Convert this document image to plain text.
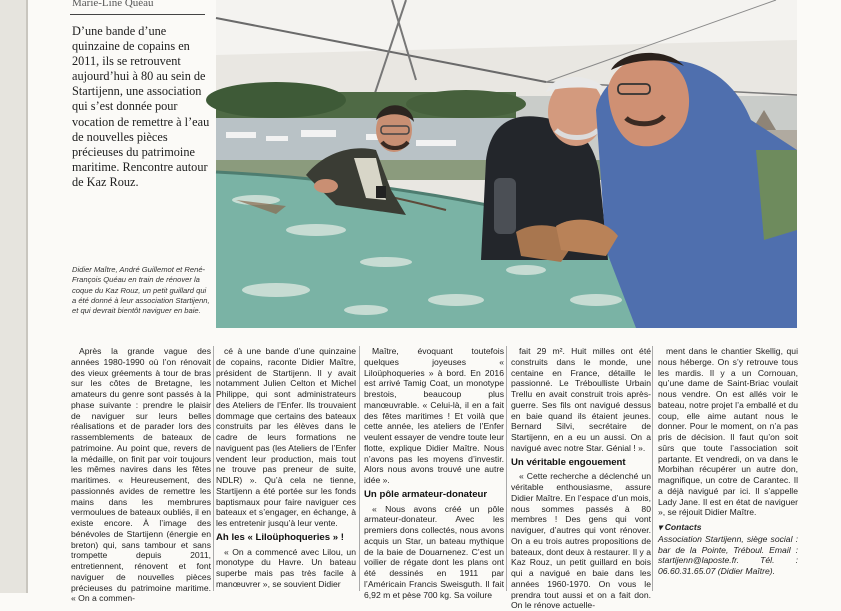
Marie-Line Quéau

D’une bande d’une quinzaine de copains en 2011, ils se retrouvent aujourd’hui à 80 au sein de Startijenn, une association qui s’est donnée pour vocation de remettre à l’eau de nouvelles pièces précieuses du patrimoine maritime. Rencontre autour de Kaz Rouz.

Didier Maître, André Guillemot et René-François Quéau en train de rénover la coque du Kaz Rouz, un petit guillard qui a été donné à leur association Startijenn, et qui devrait bientôt naviguer en baie.

Après la grande vague des années 1980-1990 où l’on rénovait des vieux gréements à tour de bras sur les côtes de Bretagne, les amateurs du genre sont passés à la phase suivante : prendre le plaisir de naviguer sur leurs belles réalisations et de parader lors des rassemblements de bateaux de patrimoine. Au point que, revers de la médaille, on finit par voir toujours les mêmes navires dans les fêtes maritimes. « Heureusement, des passionnés avides de remettre les mains dans les membrures vermoulues de bateaux oubliés, il en existe encore. À l’image des bénévoles de Startijenn (énergie en breton) qui, sans tambour et sans trompette depuis 2011, entretiennent, rénovent et font naviguer de nouvelles pièces précieuses du patrimoine maritime. « On a commen-

cé à une bande d’une quinzaine de copains, raconte Didier Maître, président de Startijenn. Il y avait notamment Julien Celton et Michel Philippe, qui sont administrateurs des Ateliers de l’Enfer. Ils trouvaient dommage que certains des bateaux construits par les élèves dans le cadre de leurs formations ne naviguent pas (les Ateliers de l’Enfer vendent leur production, mais tout ne trouve pas preneur de suite, NDLR) ». Qu’à cela ne tienne, Startijenn a été portée sur les fonds baptismaux pour faire naviguer ces bateaux et s’engager, en échange, à les entretenir jusqu’à leur vente.

Ah les « Liloüphoqueries » !

« On a commencé avec Lilou, un monotype du Havre. Un bateau superbe mais pas très facile à manœuvrer », se souvient Didier

Maître, évoquant toutefois quelques joyeuses « Liloüphoqueries » à bord. En 2016 est arrivé Tamig Coat, un monotype brestois, beaucoup plus manœuvrable. « Celui-là, il en a fait des fêtes maritimes ! Et voilà que cette année, les ateliers de l’Enfer veulent essayer de vendre toute leur flotte, explique Didier Maître. Nous n’avons pas les moyens d’investir. Alors nous avons trouvé une autre idée ».

Un pôle armateur-donateur

« Nous avons créé un pôle armateur-donateur. Avec les premiers dons collectés, nous avons acquis un Star, un bateau mythique de la baie de Douarnenez. C’est un voilier de régate dont les plans ont été dessinés en 1911 par l’Américain Francis Sweisguth. Il fait 6,92 m et pèse 700 kg. Sa voilure

fait 29 m². Huit milles ont été construits dans le monde, une centaine en France, détaille le passionné. Le Tréboulliste Urbain Trellu en avait construit trois après-guerre. Ses fils ont navigué dessus en baie quand ils étaient jeunes. Bernard Silvi, secrétaire de Startijenn, en a eu un aussi. On a navigué avec notre Star. Génial ! ».

Un véritable engouement

« Cette recherche a déclenché un véritable enthousiasme, assure Didier Maître. En l’espace d’un mois, nous sommes passés à 80 membres ! Des gens qui vont naviguer, d’autres qui vont rénover. On a eu trois autres propositions de bateaux, dont deux à restaurer. Il y a Kaz Rouz, un petit guillard en bois qui a navigué en baie dans les années 1960-1970. On vous le prendra tout aussi et on a fait don. On le rénove actuelle-

ment dans le chantier Skellig, qui nous héberge. On s’y retrouve tous les mardis. Il y a un Cornouan, qu’une dame de Saint-Briac voulait nous vendre. On est allés voir le bateau, notre projet l’a emballé et du coup, elle aime autant nous le donner. Pour le moment, on n’a pas pris de décision. Il faut qu’on soit sûrs que toute l’association soit partante. Et vendredi, on va dans le Morbihan récupérer un autre don, magnifique, un cotre de Carantec. Il a déjà navigué par ici. Il s’appelle Lady Jane. Il est en état de naviguer », se réjouit Didier Maître.

▾ Contacts

Association Startijenn, siège social : bar de la Pointe, Tréboul. Email : startijenn@laposte.fr. Tél. : 06.60.31.65.07 (Didier Maître).
